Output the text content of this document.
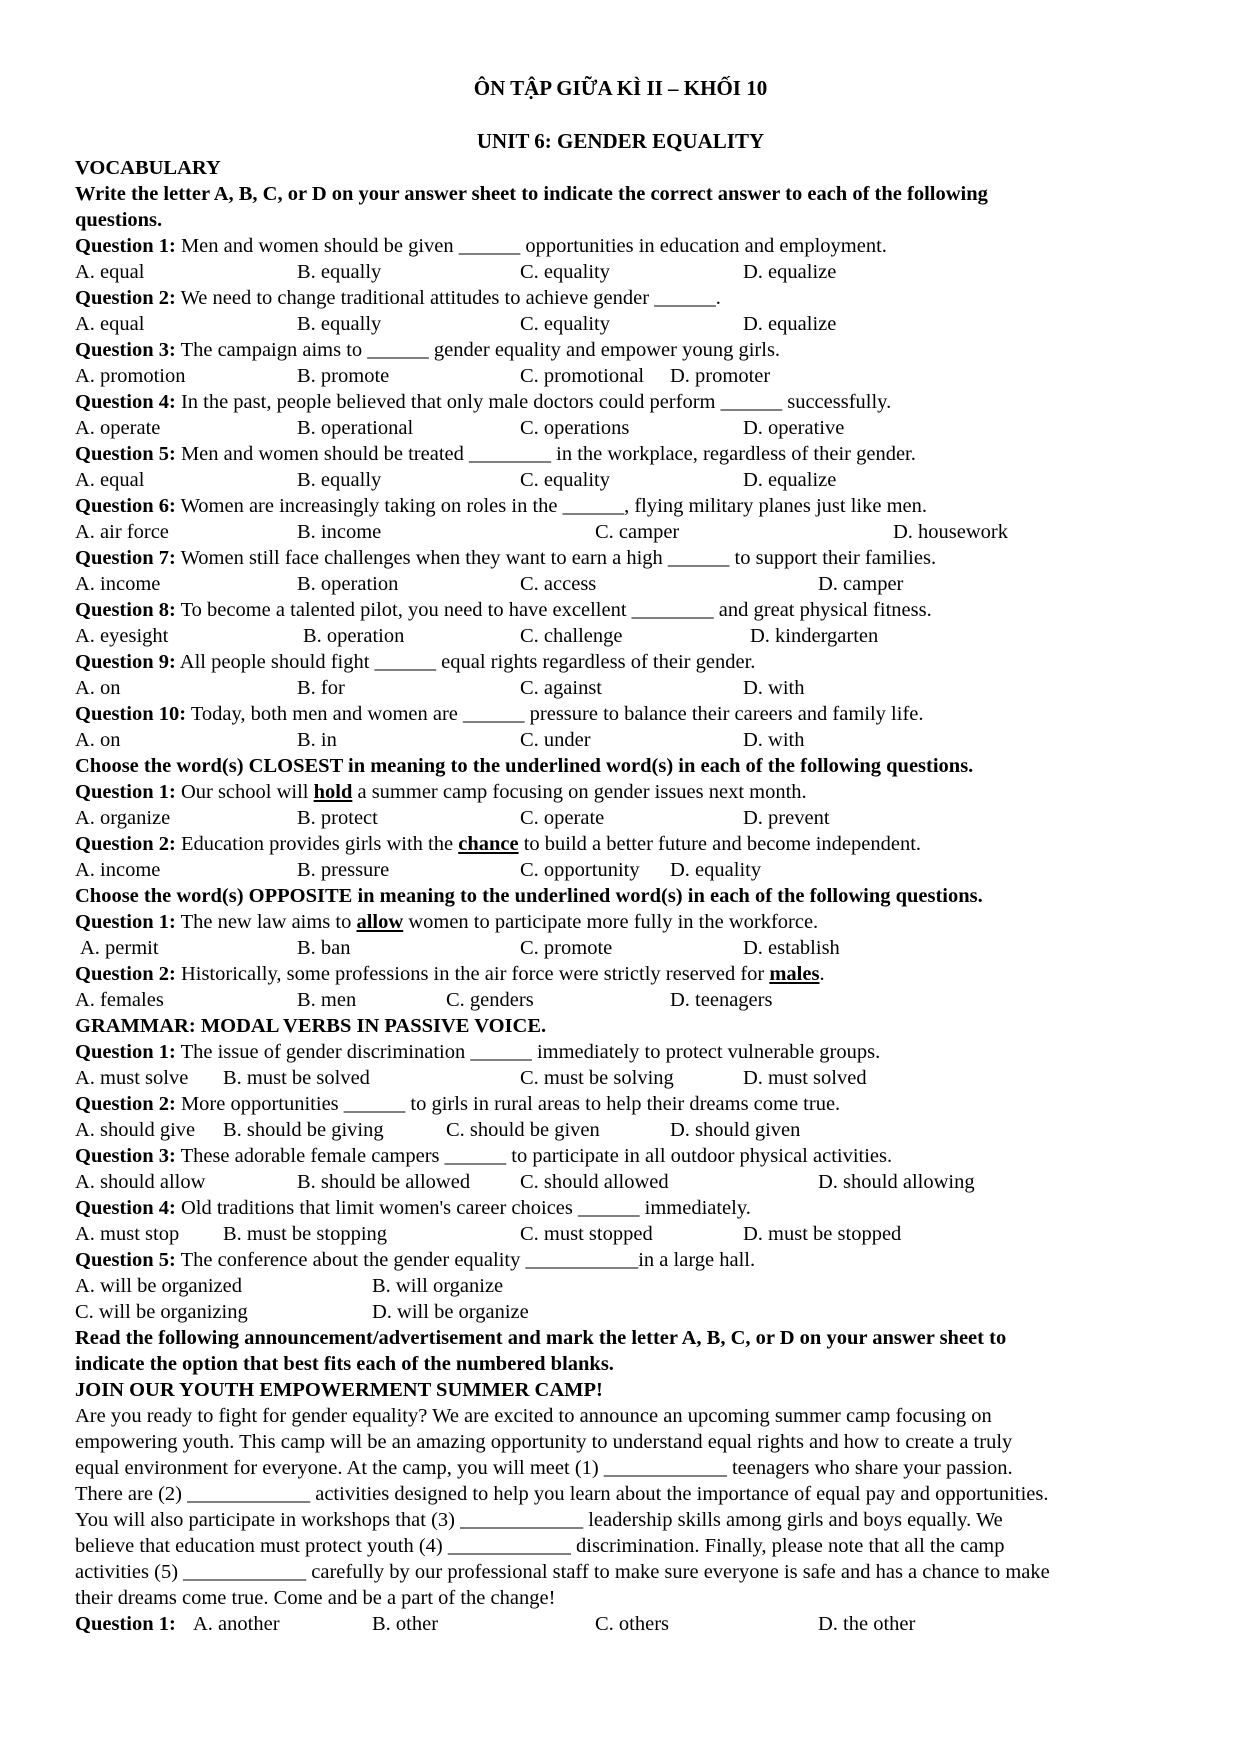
ÔN TẬP GIỮA KÌ II – KHỐI 10
UNIT 6: GENDER EQUALITY
VOCABULARY
Write the letter A, B, C, or D on your answer sheet to indicate the correct answer to each of the following
questions.
Question 1: Men and women should be given ______ opportunities in education and employment.
A. equal	B. equally	C. equality	D. equalize
Question 2: We need to change traditional attitudes to achieve gender ______.
A. equal	B. equally	C. equality	D. equalize
Question 3: The campaign aims to ______ gender equality and empower young girls.
A. promotion	B. promote	C. promotional D. promoter
Question 4: In the past, people believed that only male doctors could perform ______ successfully.
A. operate	B. operational	C. operations	D. operative
Question 5: Men and women should be treated ________ in the workplace, regardless of their gender.
A. equal	B. equally	C. equality	D. equalize
Question 6: Women are increasingly taking on roles in the ______, flying military planes just like men.
A. air force	B. income	C. camper	D. housework
Question 7: Women still face challenges when they want to earn a high ______ to support their families.
A. income	B. operation	C. access	D. camper
Question 8: To become a talented pilot, you need to have excellent ________ and great physical fitness.
A. eyesight	B. operation	C. challenge	D. kindergarten
Question 9: All people should fight ______ equal rights regardless of their gender.
A. on	B. for	C. against	D. with
Question 10: Today, both men and women are ______ pressure to balance their careers and family life.
A. on	B. in	C. under	D. with
Choose the word(s) CLOSEST in meaning to the underlined word(s) in each of the following questions.
Question 1: Our school will hold a summer camp focusing on gender issues next month.
A. organize	B. protect	C. operate	D. prevent
Question 2: Education provides girls with the chance to build a better future and become independent.
A. income	B. pressure	C. opportunity D. equality
Choose the word(s) OPPOSITE in meaning to the underlined word(s) in each of the following questions.
Question 1: The new law aims to allow women to participate more fully in the workforce.
A. permit	B. ban	C. promote	D. establish
Question 2: Historically, some professions in the air force were strictly reserved for males.
A. females	B. men	C. genders	D. teenagers
GRAMMAR: MODAL VERBS IN PASSIVE VOICE.
Question 1: The issue of gender discrimination ______ immediately to protect vulnerable groups.
A. must solve B. must be solved	C. must be solving	D. must solved
Question 2: More opportunities ______ to girls in rural areas to help their dreams come true.
A. should give B. should be giving	C. should be given	D. should given
Question 3: These adorable female campers ______ to participate in all outdoor physical activities.
A. should allow	B. should be allowed C. should allowed	D. should allowing
Question 4: Old traditions that limit women's career choices ______ immediately.
A. must stop B. must be stopping	C. must stopped	D. must be stopped
Question 5: The conference about the gender equality ___________in a large hall.
A. will be organized	B. will organize
C. will be organizing	D. will be organize
Read the following announcement/advertisement and mark the letter A, B, C, or D on your answer sheet to
indicate the option that best fits each of the numbered blanks.
JOIN OUR YOUTH EMPOWERMENT SUMMER CAMP!
Are you ready to fight for gender equality? We are excited to announce an upcoming summer camp focusing on
empowering youth. This camp will be an amazing opportunity to understand equal rights and how to create a truly
equal environment for everyone. At the camp, you will meet (1) ____________ teenagers who share your passion.
There are (2) ____________ activities designed to help you learn about the importance of equal pay and opportunities.
You will also participate in workshops that (3) ____________ leadership skills among girls and boys equally. We
believe that education must protect youth (4) ____________ discrimination. Finally, please note that all the camp
activities (5) ____________ carefully by our professional staff to make sure everyone is safe and has a chance to make
their dreams come true. Come and be a part of the change!
Question 1: A. another	B. other	C. others	D. the other
